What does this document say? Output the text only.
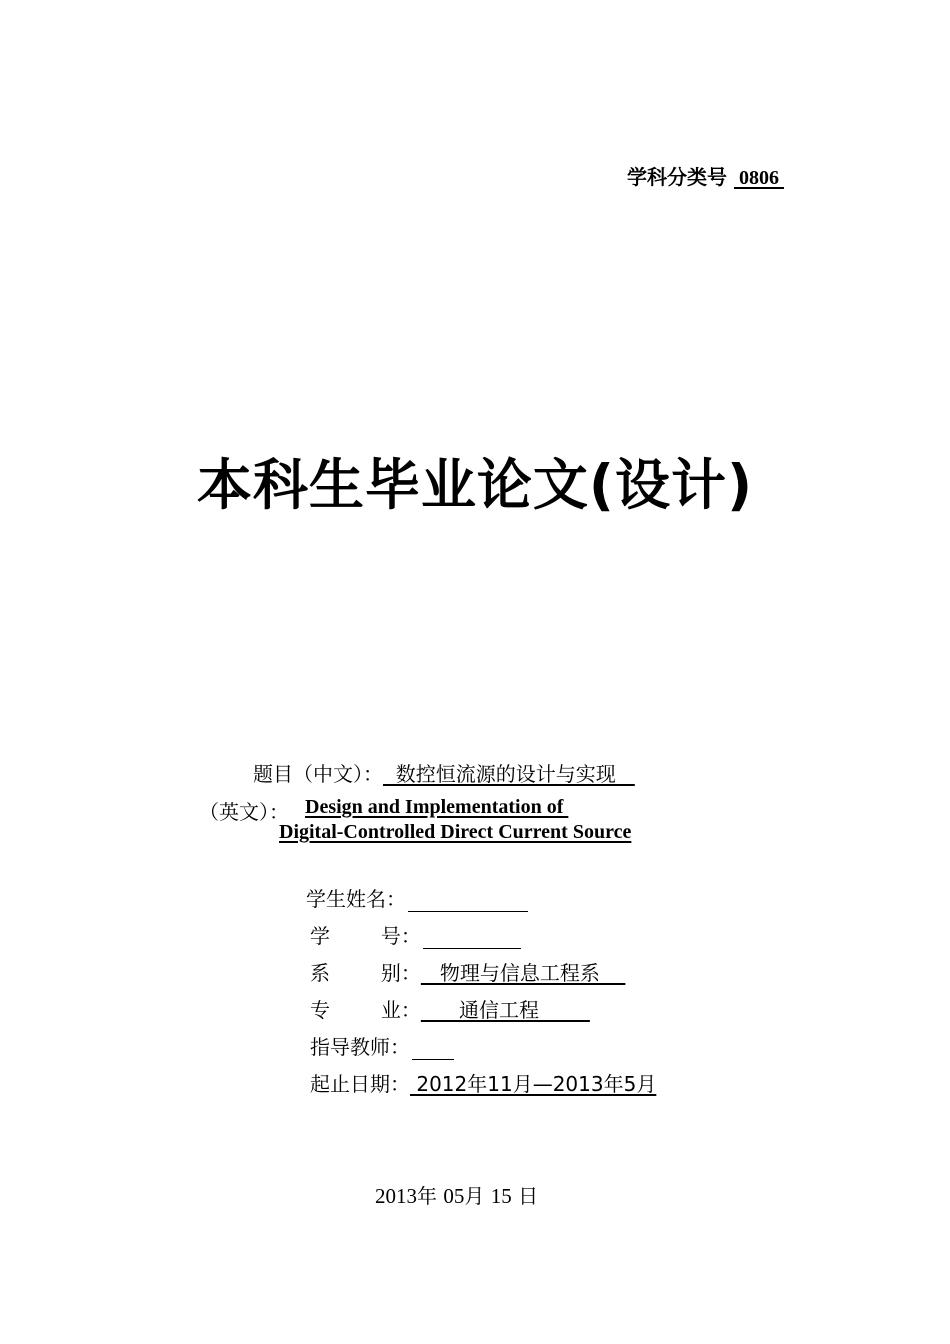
学科分类号  0806
本科生毕业论文(设计)
题目（中文）：  数控恒流源的设计与实现
（英文）： Design and Implementation of
Digital-Controlled Direct Current Source
学生姓名：
学        号：
系        别：   物理与信息工程系
专        业：      通信工程
指导教师：
起止日期： 2012年11月—2013年5月
2013年 05月 15 日
